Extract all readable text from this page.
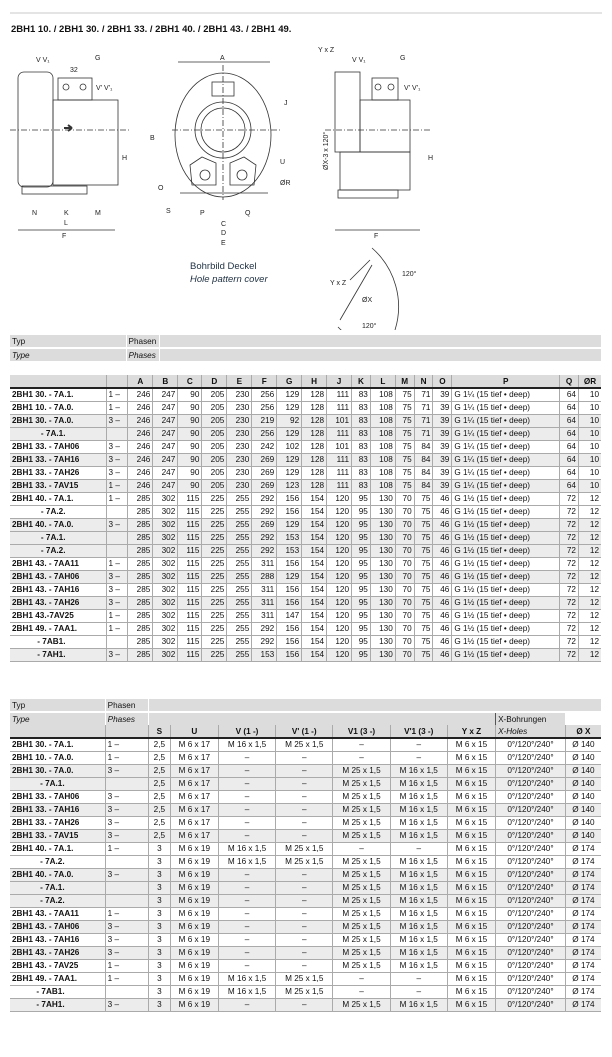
2BH1 10. / 2BH1 30. / 2BH1 33. / 2BH1 40. / 2BH1 43. / 2BH1 49.
F
N	K
L
M
H
G
V V₁
V' V'₁
32
A
B
J
C
D
E
P	Q
O
S
U
ØR
F
H
G
Y x Z
V V₁
V' V'₁
ØX-3 x 120°
Y x Z
ØX
120°
120°
Bohrbild Deckel
Hole pattern cover
Typ	Phasen	
Type	Phases	
		A	B	C	D	E	F	G	H	J	K	L	M	N	O	P	Q	ØR
2BH1 30. - 7A.1.	1 –	246	247	90	205	230	256	129	128	111	83	108	75	71	39	G 1¼ (15 tief • deep)	64	10
2BH1 10. - 7A.0.	1 –	246	247	90	205	230	256	129	128	111	83	108	75	71	39	G 1¼ (15 tief • deep)	64	10
2BH1 30. - 7A.0.	3 –	246	247	90	205	230	219	92	128	101	83	108	75	71	39	G 1¼ (15 tief • deep)	64	10
- 7A.1.		246	247	90	205	230	256	129	128	111	83	108	75	71	39	G 1¼ (15 tief • deep)	64	10
2BH1 33. - 7AH06	3 –	246	247	90	205	230	242	102	128	101	83	108	75	84	39	G 1¼ (15 tief • deep)	64	10
2BH1 33. - 7AH16	3 –	246	247	90	205	230	269	129	128	111	83	108	75	84	39	G 1¼ (15 tief • deep)	64	10
2BH1 33. - 7AH26	3 –	246	247	90	205	230	269	129	128	111	83	108	75	84	39	G 1¼ (15 tief • deep)	64	10
2BH1 33. - 7AV15	1 –	246	247	90	205	230	269	123	128	111	83	108	75	84	39	G 1¼ (15 tief • deep)	64	10
2BH1 40. - 7A.1.	1 –	285	302	115	225	255	292	156	154	120	95	130	70	75	46	G 1½ (15 tief • deep)	72	12
- 7A.2.		285	302	115	225	255	292	156	154	120	95	130	70	75	46	G 1½ (15 tief • deep)	72	12
2BH1 40. - 7A.0.	3 –	285	302	115	225	255	269	129	154	120	95	130	70	75	46	G 1½ (15 tief • deep)	72	12
- 7A.1.		285	302	115	225	255	292	153	154	120	95	130	70	75	46	G 1½ (15 tief • deep)	72	12
- 7A.2.		285	302	115	225	255	292	153	154	120	95	130	70	75	46	G 1½ (15 tief • deep)	72	12
2BH1 43. - 7AA11	1 –	285	302	115	225	255	311	156	154	120	95	130	70	75	46	G 1½ (15 tief • deep)	72	12
2BH1 43. - 7AH06	3 –	285	302	115	225	255	288	129	154	120	95	130	70	75	46	G 1½ (15 tief • deep)	72	12
2BH1 43. - 7AH16	3 –	285	302	115	225	255	311	156	154	120	95	130	70	75	46	G 1½ (15 tief • deep)	72	12
2BH1 43. - 7AH26	3 –	285	302	115	225	255	311	156	154	120	95	130	70	75	46	G 1½ (15 tief • deep)	72	12
2BH1 43.-7AV25	1 –	285	302	115	225	255	311	147	154	120	95	130	70	75	46	G 1½ (15 tief • deep)	72	12
2BH1 49. - 7AA1.	1 –	285	302	115	225	255	292	156	154	120	95	130	70	75	46	G 1½ (15 tief • deep)	72	12
- 7AB1.		285	302	115	225	255	292	156	154	120	95	130	70	75	46	G 1½ (15 tief • deep)	72	12
- 7AH1.	3 –	285	302	115	225	255	153	156	154	120	95	130	70	75	46	G 1½ (15 tief • deep)	72	12
Typ	Phasen									
Type	Phases								X-Bohrungen	
		S	U	V (1 -)	V' (1 -)	V1 (3 -)	V'1 (3 -)	Y x Z	X-Holes	Ø X
2BH1 30. - 7A.1.	1 –	2,5	M 6 x 17	M 16 x 1,5	M 25 x 1,5	–	–	M 6 x 15	0°/120°/240°	Ø 140
2BH1 10. - 7A.0.	1 –	2,5	M 6 x 17	–	–	–	–	M 6 x 15	0°/120°/240°	Ø 140
2BH1 30. - 7A.0.	3 –	2,5	M 6 x 17	–	–	M 25 x 1,5	M 16 x 1,5	M 6 x 15	0°/120°/240°	Ø 140
- 7A.1.		2,5	M 6 x 17	–	–	M 25 x 1,5	M 16 x 1,5	M 6 x 15	0°/120°/240°	Ø 140
2BH1 33. - 7AH06	3 –	2,5	M 6 x 17	–	–	M 25 x 1,5	M 16 x 1,5	M 6 x 15	0°/120°/240°	Ø 140
2BH1 33. - 7AH16	3 –	2,5	M 6 x 17	–	–	M 25 x 1,5	M 16 x 1,5	M 6 x 15	0°/120°/240°	Ø 140
2BH1 33. - 7AH26	3 –	2,5	M 6 x 17	–	–	M 25 x 1,5	M 16 x 1,5	M 6 x 15	0°/120°/240°	Ø 140
2BH1 33. - 7AV15	3 –	2,5	M 6 x 17	–	–	M 25 x 1,5	M 16 x 1,5	M 6 x 15	0°/120°/240°	Ø 140
2BH1 40. - 7A.1.	1 –	3	M 6 x 19	M 16 x 1,5	M 25 x 1,5	–	–	M 6 x 15	0°/120°/240°	Ø 174
- 7A.2.		3	M 6 x 19	M 16 x 1,5	M 25 x 1,5	M 25 x 1,5	M 16 x 1,5	M 6 x 15	0°/120°/240°	Ø 174
2BH1 40. - 7A.0.	3 –	3	M 6 x 19	–	–	M 25 x 1,5	M 16 x 1,5	M 6 x 15	0°/120°/240°	Ø 174
- 7A.1.		3	M 6 x 19	–	–	M 25 x 1,5	M 16 x 1,5	M 6 x 15	0°/120°/240°	Ø 174
- 7A.2.		3	M 6 x 19	–	–	M 25 x 1,5	M 16 x 1,5	M 6 x 15	0°/120°/240°	Ø 174
2BH1 43. - 7AA11	1 –	3	M 6 x 19	–	–	M 25 x 1,5	M 16 x 1,5	M 6 x 15	0°/120°/240°	Ø 174
2BH1 43. - 7AH06	3 –	3	M 6 x 19	–	–	M 25 x 1,5	M 16 x 1,5	M 6 x 15	0°/120°/240°	Ø 174
2BH1 43. - 7AH16	3 –	3	M 6 x 19	–	–	M 25 x 1,5	M 16 x 1,5	M 6 x 15	0°/120°/240°	Ø 174
2BH1 43. - 7AH26	3 –	3	M 6 x 19	–	–	M 25 x 1,5	M 16 x 1,5	M 6 x 15	0°/120°/240°	Ø 174
2BH1 43. - 7AV25	1 –	3	M 6 x 19	–	–	M 25 x 1,5	M 16 x 1,5	M 6 x 15	0°/120°/240°	Ø 174
2BH1 49. - 7AA1.	1 –	3	M 6 x 19	M 16 x 1,5	M 25 x 1,5	–	–	M 6 x 15	0°/120°/240°	Ø 174
- 7AB1.		3	M 6 x 19	M 16 x 1,5	M 25 x 1,5	–	–	M 6 x 15	0°/120°/240°	Ø 174
- 7AH1.	3 –	3	M 6 x 19	–	–	M 25 x 1,5	M 16 x 1,5	M 6 x 15	0°/120°/240°	Ø 174
